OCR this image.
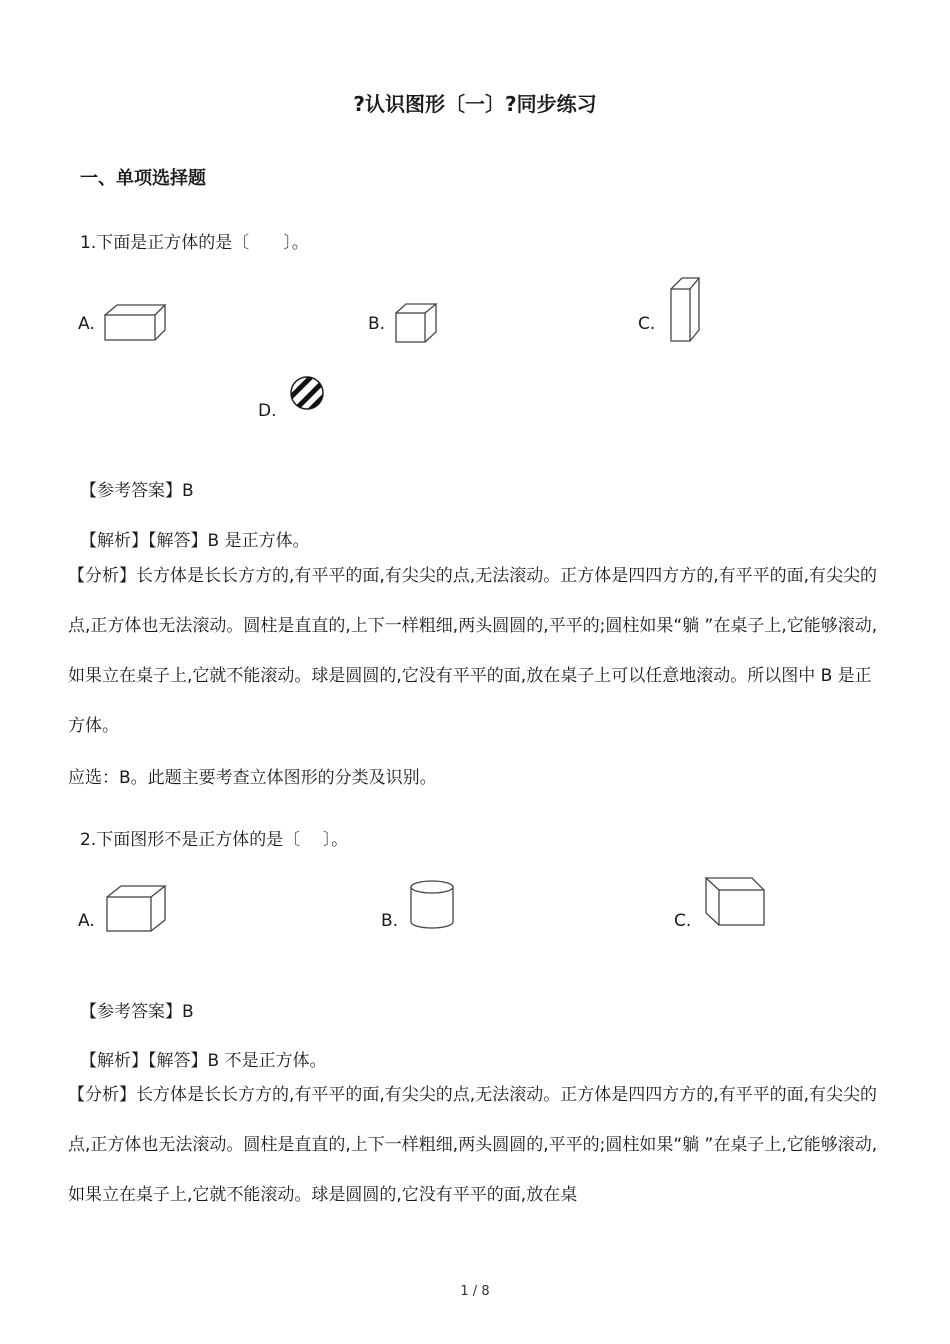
?认识图形〔一〕?同步练习
一、单项选择题
1.下面是正方体的是〔　　〕。
A.	B.	C.
D.
【参考答案】B
【解析】【解答】B 是正方体。
【分析】长方体是长长方方的,有平平的面,有尖尖的点,无法滚动。正方体是四四方方的,有平平的面,有尖尖的点,正方体也无法滚动。圆柱是直直的,上下一样粗细,两头圆圆的,平平的;圆柱如果“躺 ”在桌子上,它能够滚动,如果立在桌子上,它就不能滚动。球是圆圆的,它没有平平的面,放在桌子上可以任意地滚动。所以图中 B 是正方体。
应选：B。此题主要考查立体图形的分类及识别。
2.下面图形不是正方体的是〔　 〕。
A.	B.	C.
【参考答案】B
【解析】【解答】B 不是正方体。
【分析】长方体是长长方方的,有平平的面,有尖尖的点,无法滚动。正方体是四四方方的,有平平的面,有尖尖的点,正方体也无法滚动。圆柱是直直的,上下一样粗细,两头圆圆的,平平的;圆柱如果“躺 ”在桌子上,它能够滚动,如果立在桌子上,它就不能滚动。球是圆圆的,它没有平平的面,放在桌
1 / 8
